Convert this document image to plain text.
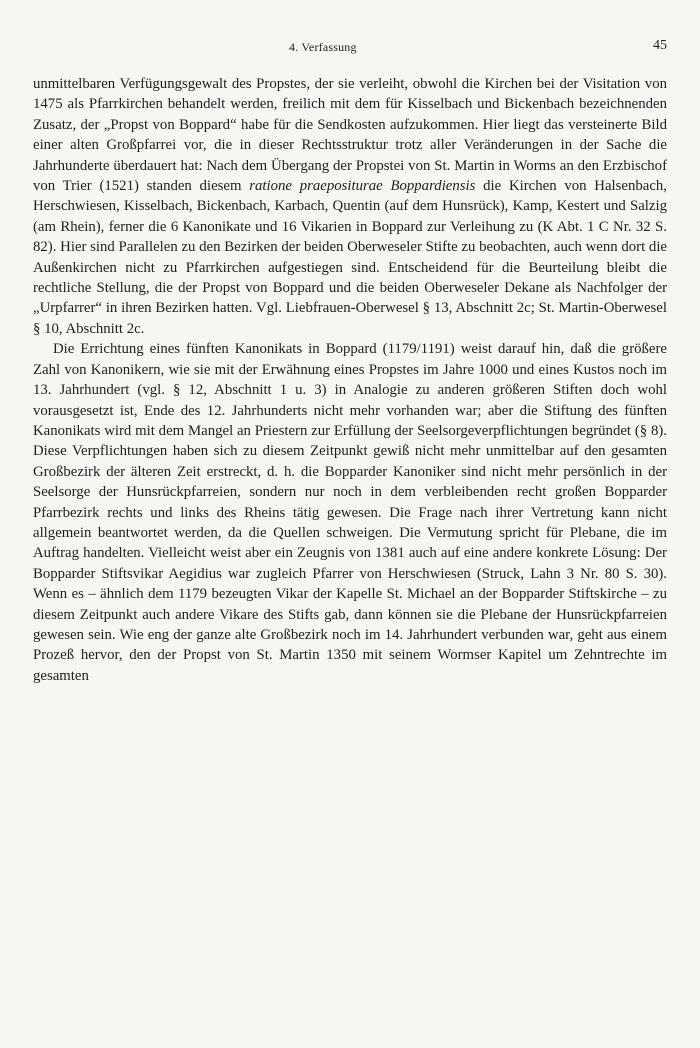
4. Verfassung	45

unmittelbaren Verfügungsgewalt des Propstes, der sie verleiht, obwohl die Kirchen bei der Visitation von 1475 als Pfarrkirchen behandelt werden, freilich mit dem für Kisselbach und Bickenbach bezeichnenden Zusatz, der „Propst von Boppard“ habe für die Sendkosten aufzukommen. Hier liegt das versteinerte Bild einer alten Großpfarrei vor, die in dieser Rechtsstruktur trotz aller Veränderungen in der Sache die Jahrhunderte überdauert hat: Nach dem Übergang der Propstei von St. Martin in Worms an den Erzbischof von Trier (1521) standen diesem ratione praepositurae Boppardiensis die Kirchen von Halsenbach, Herschwiesen, Kisselbach, Bickenbach, Karbach, Quentin (auf dem Hunsrück), Kamp, Kestert und Salzig (am Rhein), ferner die 6 Kanonikate und 16 Vikarien in Boppard zur Verleihung zu (K Abt. 1 C Nr. 32 S. 82). Hier sind Parallelen zu den Bezirken der beiden Oberweseler Stifte zu beobachten, auch wenn dort die Außenkirchen nicht zu Pfarrkirchen aufgestiegen sind. Entscheidend für die Beurteilung bleibt die rechtliche Stellung, die der Propst von Boppard und die beiden Oberweseler Dekane als Nachfolger der „Urpfarrer“ in ihren Bezirken hatten. Vgl. Liebfrauen-Oberwesel § 13, Abschnitt 2c; St. Martin-Oberwesel § 10, Abschnitt 2c.

Die Errichtung eines fünften Kanonikats in Boppard (1179/1191) weist darauf hin, daß die größere Zahl von Kanonikern, wie sie mit der Erwähnung eines Propstes im Jahre 1000 und eines Kustos noch im 13. Jahrhundert (vgl. § 12, Abschnitt 1 u. 3) in Analogie zu anderen größeren Stiften doch wohl vorausgesetzt ist, Ende des 12. Jahrhunderts nicht mehr vorhanden war; aber die Stiftung des fünften Kanonikats wird mit dem Mangel an Priestern zur Erfüllung der Seelsorgeverpflichtungen begründet (§ 8). Diese Verpflichtungen haben sich zu diesem Zeitpunkt gewiß nicht mehr unmittelbar auf den gesamten Großbezirk der älteren Zeit erstreckt, d. h. die Bopparder Kanoniker sind nicht mehr persönlich in der Seelsorge der Hunsrückpfarreien, sondern nur noch in dem verbleibenden recht großen Bopparder Pfarrbezirk rechts und links des Rheins tätig gewesen. Die Frage nach ihrer Vertretung kann nicht allgemein beantwortet werden, da die Quellen schweigen. Die Vermutung spricht für Plebane, die im Auftrag handelten. Vielleicht weist aber ein Zeugnis von 1381 auch auf eine andere konkrete Lösung: Der Bopparder Stiftsvikar Aegidius war zugleich Pfarrer von Herschwiesen (Struck, Lahn 3 Nr. 80 S. 30). Wenn es – ähnlich dem 1179 bezeugten Vikar der Kapelle St. Michael an der Bopparder Stiftskirche – zu diesem Zeitpunkt auch andere Vikare des Stifts gab, dann können sie die Plebane der Hunsrückpfarreien gewesen sein. Wie eng der ganze alte Großbezirk noch im 14. Jahrhundert verbunden war, geht aus einem Prozeß hervor, den der Propst von St. Martin 1350 mit seinem Wormser Kapitel um Zehntrechte im gesamten
